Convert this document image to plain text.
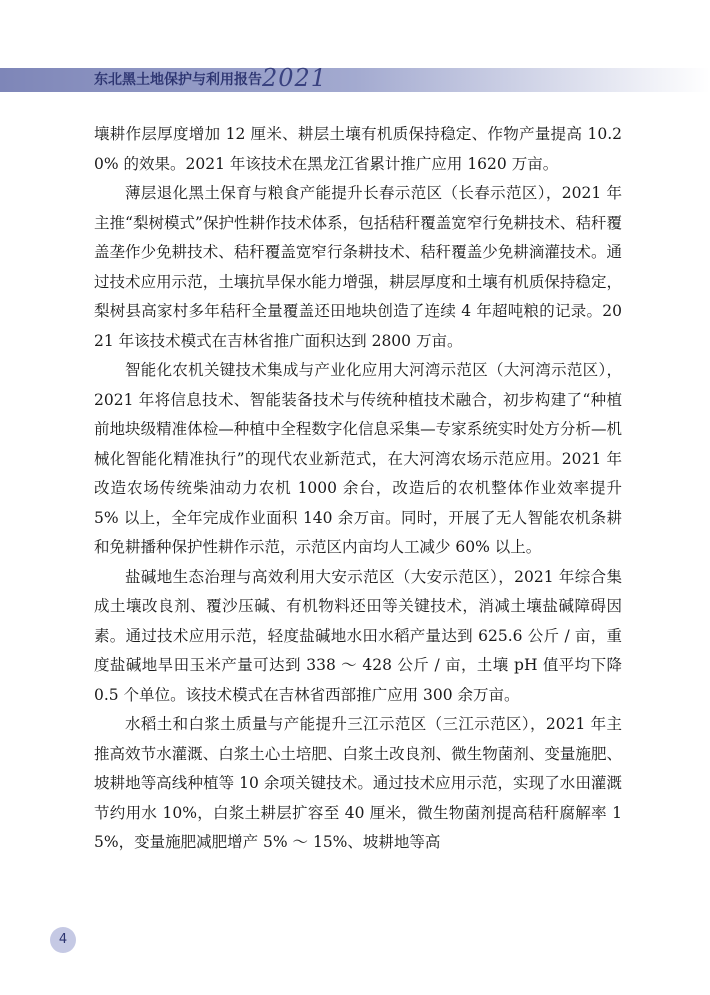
东北黑土地保护与利用报告 2021

壤耕作层厚度增加 12 厘米、耕层土壤有机质保持稳定、作物产量提高 10.20% 的效果。2021 年该技术在黑龙江省累计推广应用 1620 万亩。

薄层退化黑土保育与粮食产能提升长春示范区（长春示范区），2021 年主推“梨树模式”保护性耕作技术体系，包括秸秆覆盖宽窄行免耕技术、秸秆覆盖垄作少免耕技术、秸秆覆盖宽窄行条耕技术、秸秆覆盖少免耕滴灌技术。通过技术应用示范，土壤抗旱保水能力增强，耕层厚度和土壤有机质保持稳定，梨树县高家村多年秸秆全量覆盖还田地块创造了连续 4 年超吨粮的记录。2021 年该技术模式在吉林省推广面积达到 2800 万亩。

智能化农机关键技术集成与产业化应用大河湾示范区（大河湾示范区），2021 年将信息技术、智能装备技术与传统种植技术融合，初步构建了“种植前地块级精准体检—种植中全程数字化信息采集—专家系统实时处方分析—机械化智能化精准执行”的现代农业新范式，在大河湾农场示范应用。2021 年改造农场传统柴油动力农机 1000 余台，改造后的农机整体作业效率提升 5% 以上，全年完成作业面积 140 余万亩。同时，开展了无人智能农机条耕和免耕播种保护性耕作示范，示范区内亩均人工减少 60% 以上。

盐碱地生态治理与高效利用大安示范区（大安示范区），2021 年综合集成土壤改良剂、覆沙压碱、有机物料还田等关键技术，消减土壤盐碱障碍因素。通过技术应用示范，轻度盐碱地水田水稻产量达到 625.6 公斤 / 亩，重度盐碱地旱田玉米产量可达到 338 ～ 428 公斤 / 亩，土壤 pH 值平均下降 0.5 个单位。该技术模式在吉林省西部推广应用 300 余万亩。

水稻土和白浆土质量与产能提升三江示范区（三江示范区），2021 年主推高效节水灌溉、白浆土心土培肥、白浆土改良剂、微生物菌剂、变量施肥、坡耕地等高线种植等 10 余项关键技术。通过技术应用示范，实现了水田灌溉节约用水 10%，白浆土耕层扩容至 40 厘米，微生物菌剂提高秸秆腐解率 15%，变量施肥减肥增产 5% ～ 15%、坡耕地等高

4
